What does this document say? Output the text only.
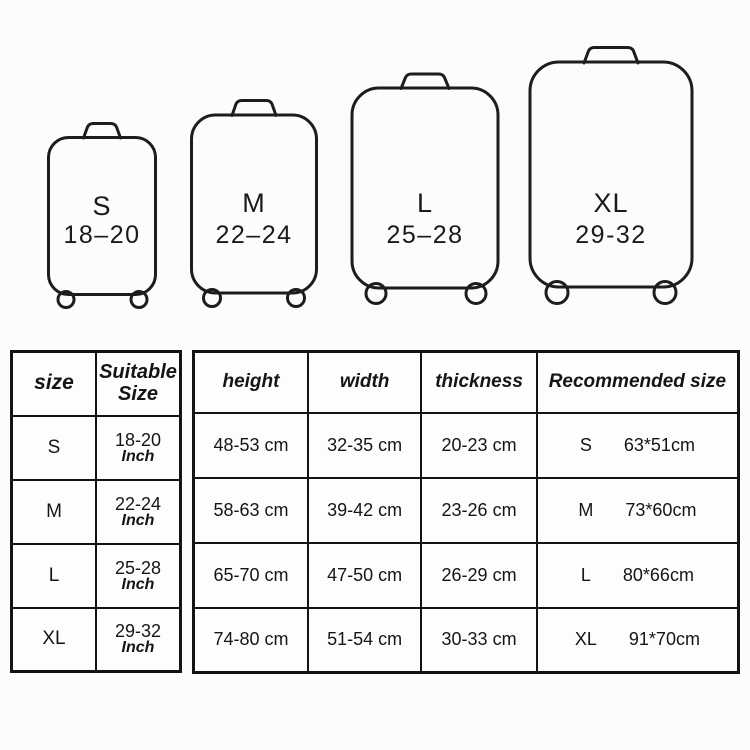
S
18–20
M
22–24
L
25–28
XL
29-32
size	Suitable Size
S	18-20
Inch

M	22-24
Inch

L	25-28
Inch

XL	29-32
Inch
height	width	thickness	Recommended size
48-53 cm	32-35 cm	20-23 cm	S 63*51cm

58-63 cm	39-42 cm	23-26 cm	M 73*60cm

65-70 cm	47-50 cm	26-29 cm	L 80*66cm

74-80 cm	51-54 cm	30-33 cm	XL 91*70cm
